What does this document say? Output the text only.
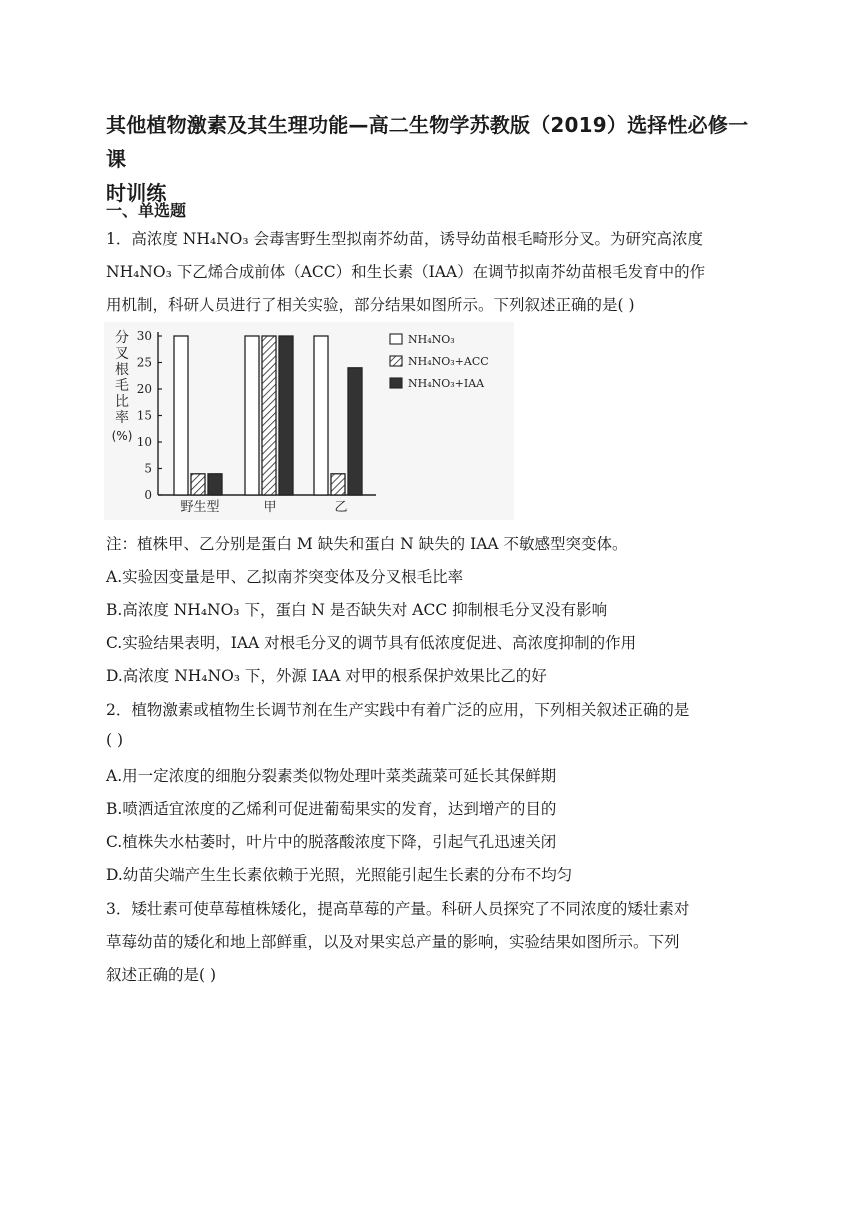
其他植物激素及其生理功能—高二生物学苏教版（2019）选择性必修一课
时训练
一、单选题
1．高浓度 NH₄NO₃ 会毒害野生型拟南芥幼苗，诱导幼苗根毛畸形分叉。为研究高浓度
NH₄NO₃ 下乙烯合成前体（ACC）和生长素（IAA）在调节拟南芥幼苗根毛发育中的作
用机制，科研人员进行了相关实验，部分结果如图所示。下列叙述正确的是( )
分
叉
根
毛
比
率
(%)
0
5
10
15
20
25
30
野生型	甲	乙
NH₄NO₃
NH₄NO₃+ACC
NH₄NO₃+IAA
注：植株甲、乙分别是蛋白 M 缺失和蛋白 N 缺失的 IAA 不敏感型突变体。
A.实验因变量是甲、乙拟南芥突变体及分叉根毛比率
B.高浓度 NH₄NO₃ 下，蛋白 N 是否缺失对 ACC 抑制根毛分叉没有影响
C.实验结果表明，IAA 对根毛分叉的调节具有低浓度促进、高浓度抑制的作用
D.高浓度 NH₄NO₃ 下，外源 IAA 对甲的根系保护效果比乙的好
2．植物激素或植物生长调节剂在生产实践中有着广泛的应用，下列相关叙述正确的是
( )
A.用一定浓度的细胞分裂素类似物处理叶菜类蔬菜可延长其保鲜期
B.喷洒适宜浓度的乙烯利可促进葡萄果实的发育，达到增产的目的
C.植株失水枯萎时，叶片中的脱落酸浓度下降，引起气孔迅速关闭
D.幼苗尖端产生生长素依赖于光照，光照能引起生长素的分布不均匀
3．矮壮素可使草莓植株矮化，提高草莓的产量。科研人员探究了不同浓度的矮壮素对
草莓幼苗的矮化和地上部鲜重，以及对果实总产量的影响，实验结果如图所示。下列
叙述正确的是( )
